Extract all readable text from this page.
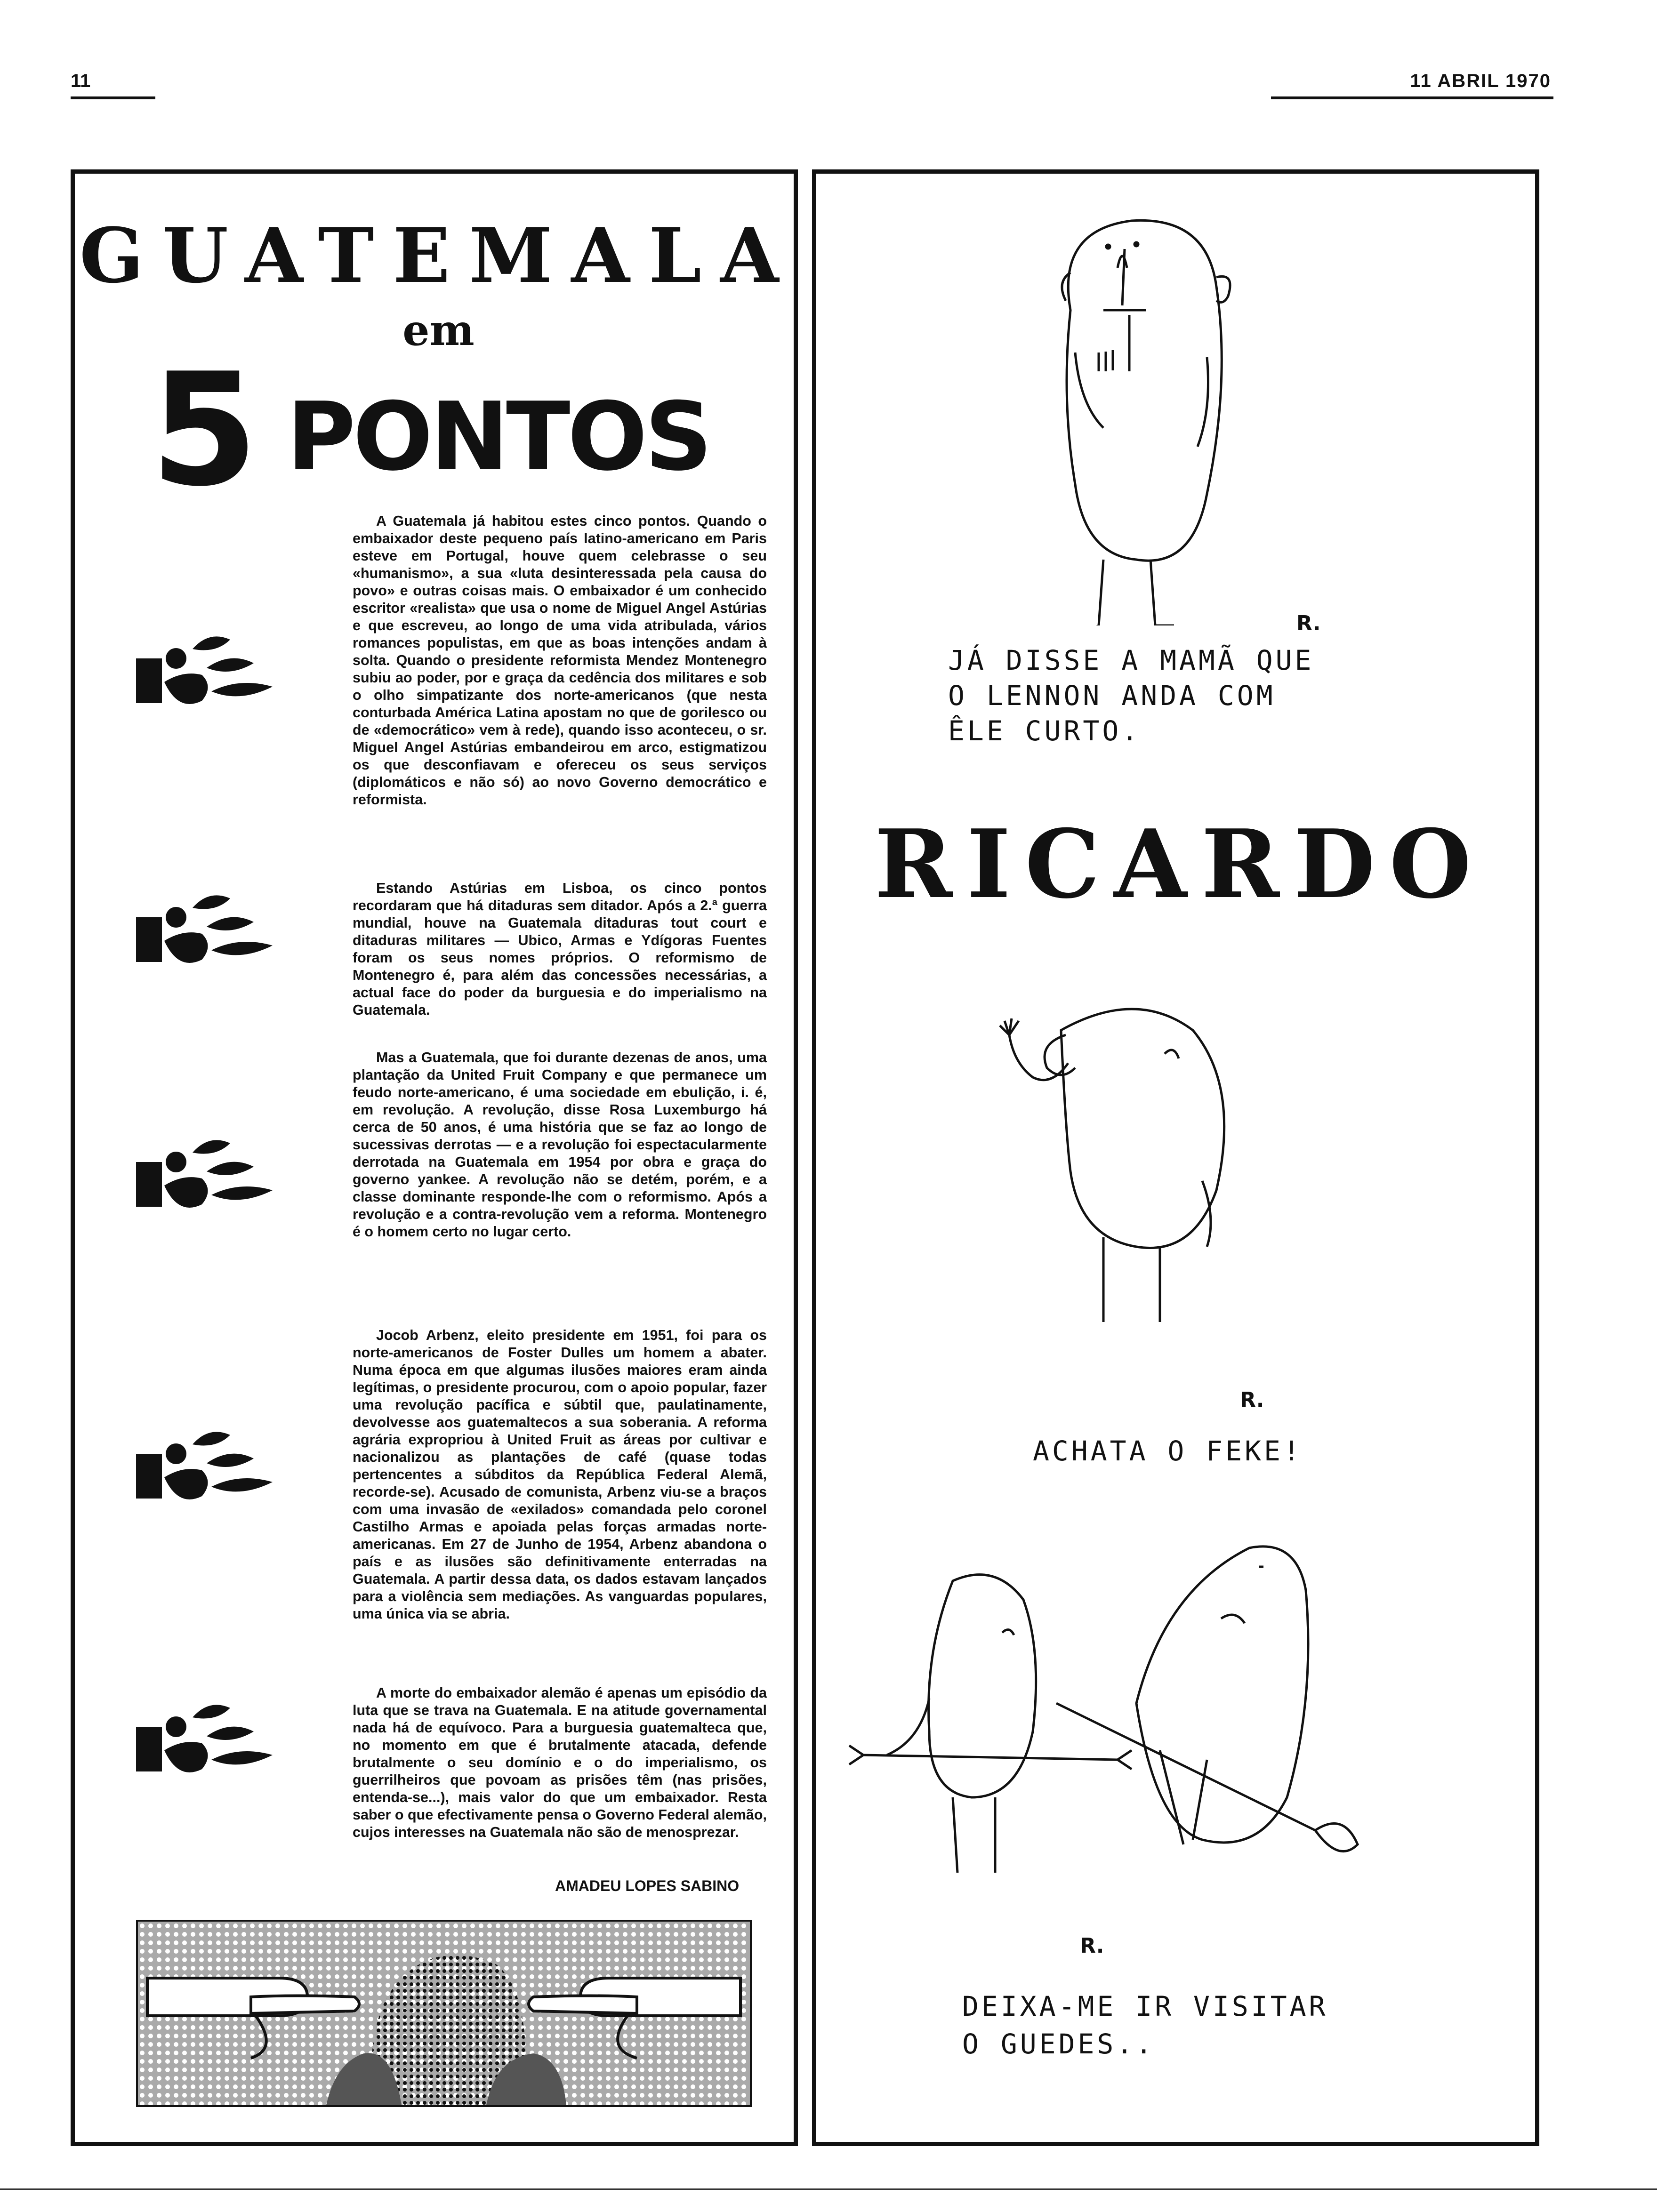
11	11 ABRIL 1970
GUATEMALA
em
5 PONTOS

A Guatemala já habitou estes cinco pontos. Quando o embaixador deste pequeno país latino-americano em Paris esteve em Portugal, houve quem celebrasse o seu «humanismo», a sua «luta desinteressada pela causa do povo» e outras coisas mais. O embaixador é um conhecido escritor «realista» que usa o nome de Miguel Angel Astúrias e que escreveu, ao longo de uma vida atribulada, vários romances populistas, em que as boas intenções andam à solta. Quando o presidente reformista Mendez Montenegro subiu ao poder, por e graça da cedência dos militares e sob o olho simpatizante dos norte-americanos (que nesta conturbada América Latina apostam no que de gorilesco ou de «democrático» vem à rede), quando isso aconteceu, o sr. Miguel Angel Astúrias embandeirou em arco, estigmatizou os que desconfiavam e ofereceu os seus serviços (diplomáticos e não só) ao novo Governo democrático e reformista.

Estando Astúrias em Lisboa, os cinco pontos recordaram que há ditaduras sem ditador. Após a 2.ª guerra mundial, houve na Guatemala ditaduras tout court e ditaduras militares — Ubico, Armas e Ydígoras Fuentes foram os seus nomes próprios. O reformismo de Montenegro é, para além das concessões necessárias, a actual face do poder da burguesia e do imperialismo na Guatemala.

Mas a Guatemala, que foi durante dezenas de anos, uma plantação da United Fruit Company e que permanece um feudo norte-americano, é uma sociedade em ebulição, i. é, em revolução. A revolução, disse Rosa Luxemburgo há cerca de 50 anos, é uma história que se faz ao longo de sucessivas derrotas — e a revolução foi espectacularmente derrotada na Guatemala em 1954 por obra e graça do governo yankee. A revolução não se detém, porém, e a classe dominante responde-lhe com o reformismo. Após a revolução e a contra-revolução vem a reforma. Montenegro é o homem certo no lugar certo.

Jocob Arbenz, eleito presidente em 1951, foi para os norte-americanos de Foster Dulles um homem a abater. Numa época em que algumas ilusões maiores eram ainda legítimas, o presidente procurou, com o apoio popular, fazer uma revolução pacífica e súbtil que, paulatinamente, devolvesse aos guatemaltecos a sua soberania. A reforma agrária expropriou à United Fruit as áreas por cultivar e nacionalizou as plantações de café (quase todas pertencentes a súbditos da República Federal Alemã, recorde-se). Acusado de comunista, Arbenz viu-se a braços com uma invasão de «exilados» comandada pelo coronel Castilho Armas e apoiada pelas forças armadas norte-americanas. Em 27 de Junho de 1954, Arbenz abandona o país e as ilusões são definitivamente enterradas na Guatemala. A partir dessa data, os dados estavam lançados para a violência sem mediações. As vanguardas populares, uma única via se abria.

A morte do embaixador alemão é apenas um episódio da luta que se trava na Guatemala. E na atitude governamental nada há de equívoco. Para a burguesia guatemalteca que, no momento em que é brutalmente atacada, defende brutalmente o seu domínio e o do imperialismo, os guerrilheiros que povoam as prisões têm (nas prisões, entenda-se...), mais valor do que um embaixador. Resta saber o que efectivamente pensa o Governo Federal alemão, cujos interesses na Guatemala não são de menosprezar.

AMADEU LOPES SABINO
R.
JÁ DISSE A MAMÃ QUE
O LENNON ANDA COM
ÊLE CURTO.
RICARDO
R.
ACHATA O FEKE!
R.
DEIXA-ME IR VISITAR
O GUEDES..
